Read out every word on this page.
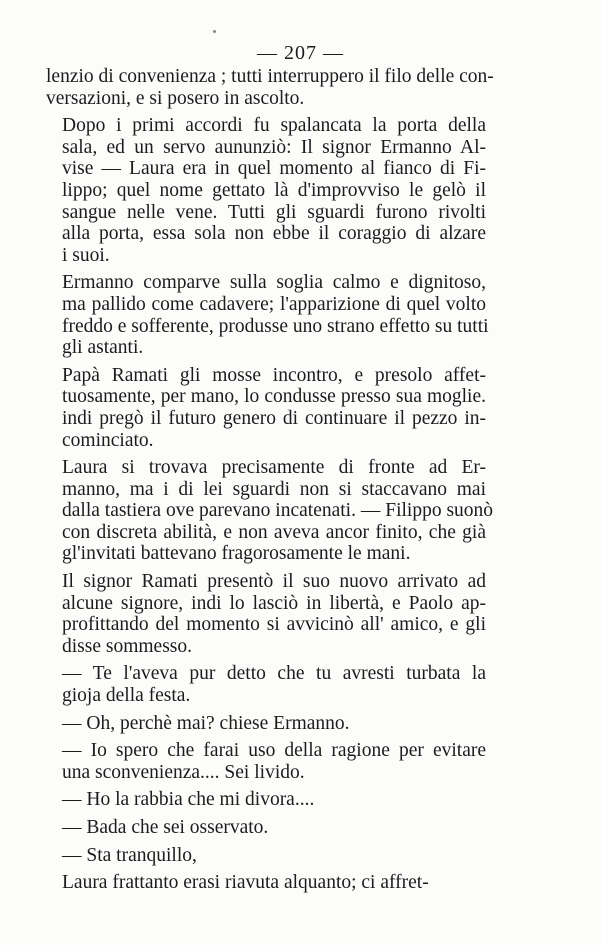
— 207 —

lenzio di convenienza ; tutti interruppero il filo delle con-
versazioni, e si posero in ascolto.

Dopo i primi accordi fu spalancata la porta della
sala, ed un servo aununziò: Il signor Ermanno Al-
vise — Laura era in quel momento al fianco di Fi-
lippo; quel nome gettato là d'improvviso le gelò il
sangue nelle vene. Tutti gli sguardi furono rivolti
alla porta, essa sola non ebbe il coraggio di alzare
i suoi.

Ermanno comparve sulla soglia calmo e dignitoso,
ma pallido come cadavere; l'apparizione di quel volto
freddo e sofferente, produsse uno strano effetto su tutti
gli astanti.

Papà Ramati gli mosse incontro, e presolo affet-
tuosamente, per mano, lo condusse presso sua moglie.
indi pregò il futuro genero di continuare il pezzo in-
cominciato.

Laura si trovava precisamente di fronte ad Er-
manno, ma i di lei sguardi non si staccavano mai
dalla tastiera ove parevano incatenati. — Filippo suonò
con discreta abilità, e non aveva ancor finito, che già
gl'invitati battevano fragorosamente le mani.

Il signor Ramati presentò il suo nuovo arrivato ad
alcune signore, indi lo lasciò in libertà, e Paolo ap-
profittando del momento si avvicinò all' amico, e gli
disse sommesso.

— Te l'aveva pur detto che tu avresti turbata la
gioja della festa.

— Oh, perchè mai? chiese Ermanno.

— Io spero che farai uso della ragione per evitare
una sconvenienza.... Sei livido.

— Ho la rabbia che mi divora....

— Bada che sei osservato.

— Sta tranquillo,

Laura frattanto erasi riavuta alquanto; ci affret-
